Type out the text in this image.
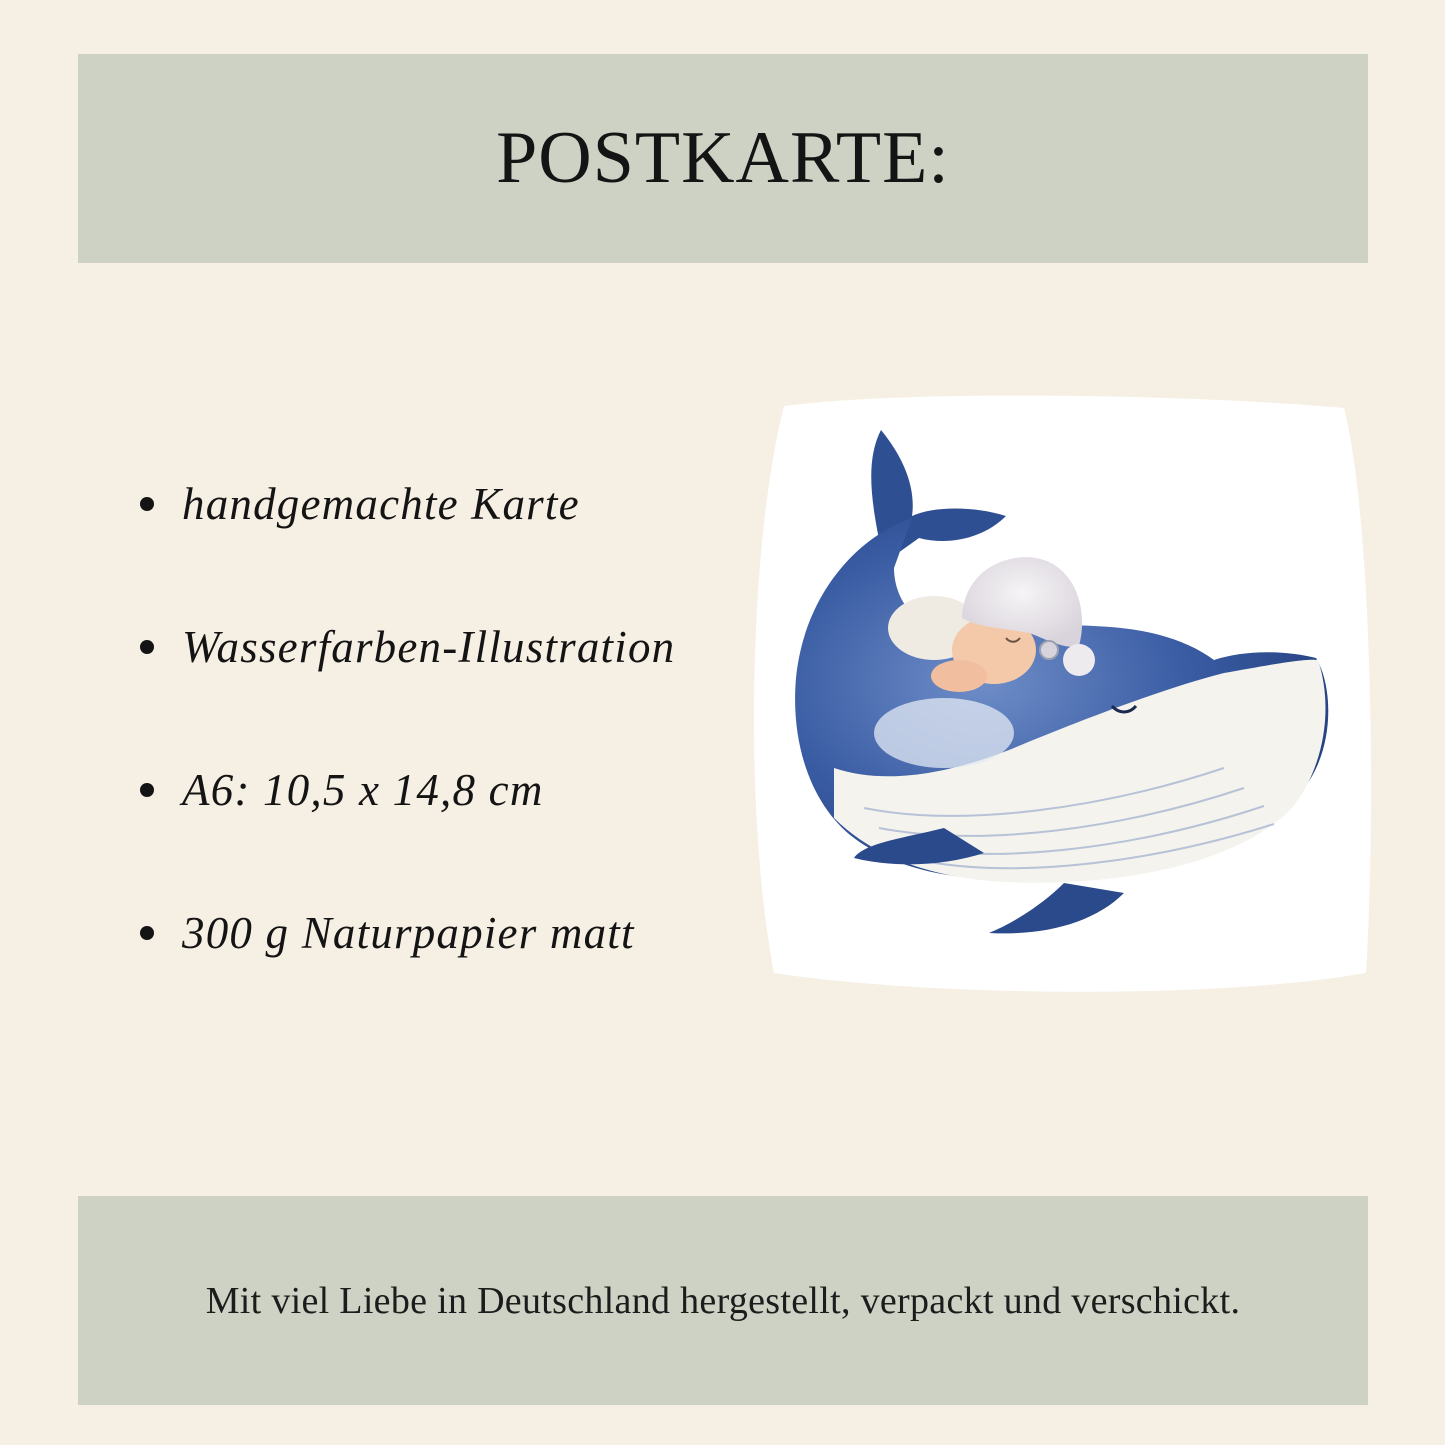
POSTKARTE:
handgemachte Karte
Wasserfarben-Illustration
A6: 10,5 x 14,8 cm
300 g Naturpapier matt

Mit viel Liebe in Deutschland hergestellt, verpackt und verschickt.
